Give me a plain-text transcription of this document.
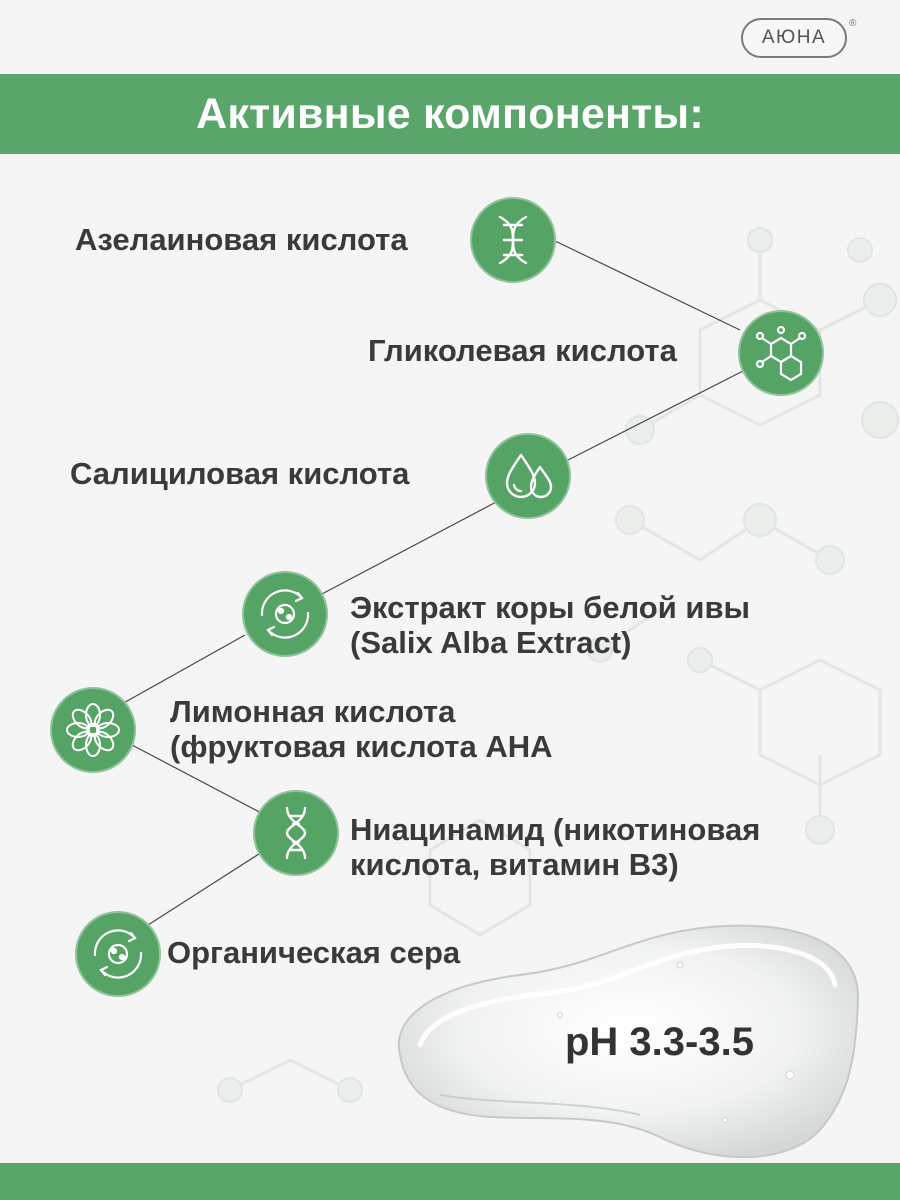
АЮНА
®
Активные компоненты:
Азелаиновая кислота
Гликолевая кислота
Салициловая кислота
Экстракт коры белой ивы
(Salix Alba Extract)
Лимонная кислота
(фруктовая кислота АНА
Ниацинамид (никотиновая
кислота, витамин В3)
Органическая сера
pH 3.3-3.5
